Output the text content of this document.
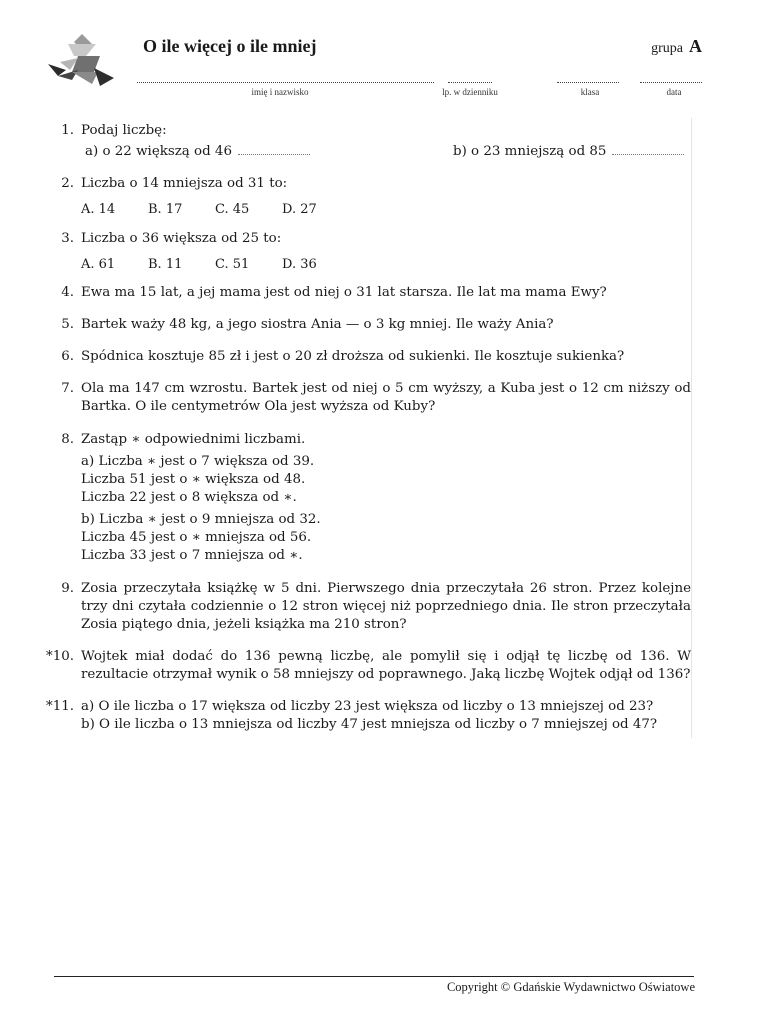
O ile więcej o ile mniej	grupa A
imię i nazwisko	lp. w dzienniku	klasa	data
1. Podaj liczbę:
a) o 22 większą od 46	b) o 23 mniejszą od 85
2. Liczba o 14 mniejsza od 31 to:
A. 14	B. 17	C. 45	D. 27
3. Liczba o 36 większa od 25 to:
A. 61	B. 11	C. 51	D. 36
4. Ewa ma 15 lat, a jej mama jest od niej o 31 lat starsza. Ile lat ma mama Ewy?
5. Bartek waży 48 kg, a jego siostra Ania — o 3 kg mniej. Ile waży Ania?
6. Spódnica kosztuje 85 zł i jest o 20 zł droższa od sukienki. Ile kosztuje sukienka?
7. Ola ma 147 cm wzrostu. Bartek jest od niej o 5 cm wyższy, a Kuba jest o 12 cm niższy od Bartka. O ile centymetrów Ola jest wyższa od Kuby?
8. Zastąp ∗ odpowiednimi liczbami.
a) Liczba ∗ jest o 7 większa od 39.
Liczba 51 jest o ∗ większa od 48.
Liczba 22 jest o 8 większa od ∗.
b) Liczba ∗ jest o 9 mniejsza od 32.
Liczba 45 jest o ∗ mniejsza od 56.
Liczba 33 jest o 7 mniejsza od ∗.
9. Zosia przeczytała książkę w 5 dni. Pierwszego dnia przeczytała 26 stron. Przez kolejne trzy dni czytała codziennie o 12 stron więcej niż poprzedniego dnia. Ile stron przeczytała Zosia piątego dnia, jeżeli książka ma 210 stron?
*10. Wojtek miał dodać do 136 pewną liczbę, ale pomylił się i odjął tę liczbę od 136. W rezultacie otrzymał wynik o 58 mniejszy od poprawnego. Jaką liczbę Wojtek odjął od 136?
*11. a) O ile liczba o 17 większa od liczby 23 jest większa od liczby o 13 mniejszej od 23?
b) O ile liczba o 13 mniejsza od liczby 47 jest mniejsza od liczby o 7 mniejszej od 47?
Copyright © Gdańskie Wydawnictwo Oświatowe
